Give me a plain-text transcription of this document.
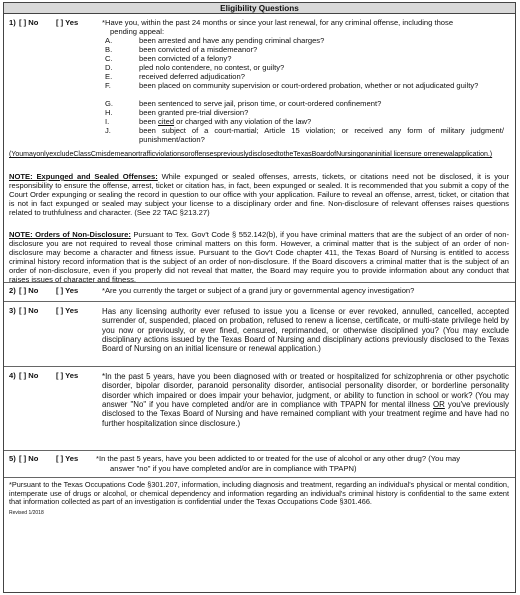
Eligibility Questions
1) [ ] No [ ] Yes	*Have you, within the past 24 months or since your last renewal, for any criminal offense, including those
pending appeal:
A.	been arrested and have any pending criminal charges?
B.	been convicted of a misdemeanor?
C.	been convicted of a felony?
D.	pled nolo contendere, no contest, or guilty?
E.	received deferred adjudication?
F.	been placed on community supervision or court-ordered probation, whether or not adjudicated guilty?
G.	been sentenced to serve jail, prison time, or court-ordered confinement?
H.	been granted pre-trial diversion?
I.	been cited or charged with any violation of the law?
J.	been subject of a court-martial; Article 15 violation; or received any form of military judgment/ punishment/action?
(YoumayonlyexcludeClassCmisdemeanortrafficviolationsoroffensespreviouslydisclosedtotheTexasBoardofNursingonaninitial licensure orrenewalapplication.)
NOTE: Expunged and Sealed Offenses: While expunged or sealed offenses, arrests, tickets, or citations need not be disclosed, it is your responsibility to ensure the offense, arrest, ticket or citation has, in fact, been expunged or sealed. It is recommended that you submit a copy of the Court Order expunging or sealing the record in question to our office with your application. Failure to reveal an offense, arrest, ticket, or citation that is not in fact expunged or sealed may subject your license to a disciplinary order and fine. Non-disclosure of relevant offenses raises questions related to truthfulness and character. (See 22 TAC §213.27)
NOTE: Orders of Non-Disclosure: Pursuant to Tex. Gov't Code § 552.142(b), if you have criminal matters that are the subject of an order of non-disclosure you are not required to reveal those criminal matters on this form. However, a criminal matter that is the subject of an order of non-disclosure may become a character and fitness issue. Pursuant to the Gov't Code chapter 411, the Texas Board of Nursing is entitled to access criminal history record information that is the subject of an order of non-disclosure. If the Board discovers a criminal matter that is the subject of an order of non-disclosure, even if you properly did not reveal that matter, the Board may require you to provide information about any conduct that raises issues of character and fitness.
2) [ ] No [ ] Yes	*Are you currently the target or subject of a grand jury or governmental agency investigation?
3) [ ] No [ ] Yes	Has any licensing authority ever refused to issue you a license or ever revoked, annulled, cancelled, accepted surrender of, suspended, placed on probation, refused to renew a license, certificate, or multi-state privilege held by you now or previously, or ever fined, censured, reprimanded, or otherwise disciplined you? (You may exclude disciplinary actions issued by the Texas Board of Nursing and disciplinary actions previously disclosed to the Texas Board of Nursing on an initial licensure or renewal application.)
4) [ ] No [ ] Yes	*In the past 5 years, have you been diagnosed with or treated or hospitalized for schizophrenia or other psychotic disorder, bipolar disorder, paranoid personality disorder, antisocial personality disorder, or borderline personality disorder which impaired or does impair your behavior, judgment, or ability to function in school or work? (You may answer "No" if you have completed and/or are in compliance with TPAPN for mental illness OR you've previously disclosed to the Texas Board of Nursing and have remained compliant with your treatment regime and have had no further hospitalization since disclosure.)
5) [ ] No [ ] Yes *In the past 5 years, have you been addicted to or treated for the use of alcohol or any other drug? (You may
answer "no" if you have completed and/or are in compliance with TPAPN)
*Pursuant to the Texas Occupations Code §301.207, information, including diagnosis and treatment, regarding an individual's physical or mental condition, intemperate use of drugs or alcohol, or chemical dependency and information regarding an individual's criminal history is confidential to the same extent that information collected as part of an investigation is confidential under the Texas Occupations Code §301.466.
Revised 1/2018
